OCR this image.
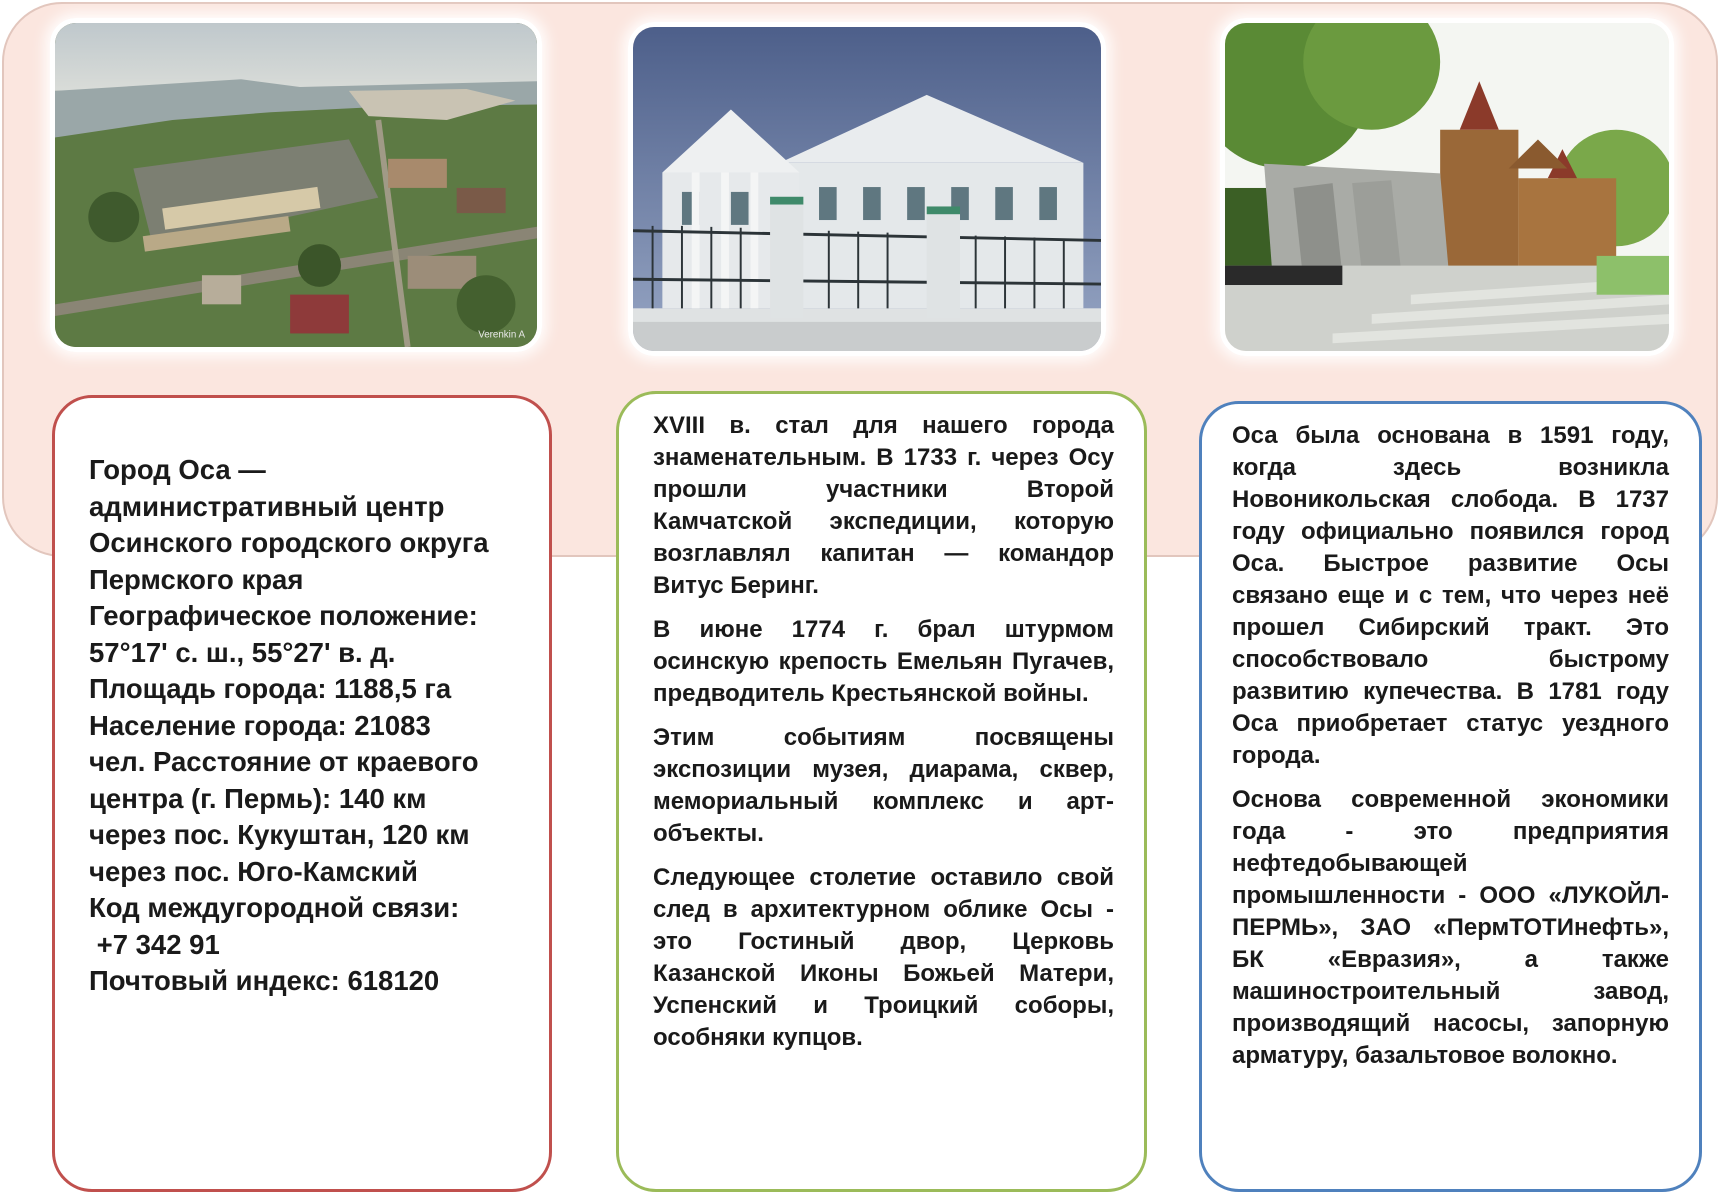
Verenkin A
Город Оса —
административный центр
Осинского городского округа
Пермского края
Географическое положение:
57°17' с. ш., 55°27' в. д.
Площадь города: 1188,5 га
Население города: 21083
чел. Расстояние от краевого
центра (г. Пермь): 140 км
через пос. Кукуштан, 120 км
через пос. Юго-Камский
Код междугородной связи:
+7 342 91
Почтовый индекс: 618120

XVIII в. стал для нашего города знаменательным. В 1733 г. через Осу прошли участники Второй Камчатской экспедиции, которую возглавлял капитан — командор Витус Беринг.

В июне 1774 г. брал штурмом осинскую крепость Емельян Пугачев, предводитель Крестьянской войны.

Этим событиям посвящены экспозиции музея, диарама, сквер, мемориальный комплекс и арт-объекты.

Следующее столетие оставило свой след в архитектурном облике Осы - это Гостиный двор, Церковь Казанской Иконы Божьей Матери, Успенский и Троицкий соборы, особняки купцов.

Оса была основана в 1591 году, когда здесь возникла Новоникольская слобода. В 1737 году официально появился город Оса. Быстрое развитие Осы связано еще и с тем, что через неё прошел Сибирский тракт. Это способствовало быстрому развитию купечества. В 1781 году Оса приобретает статус уездного города.

Основа современной экономики гoда - это предприятия нефтедобывающей промышленности - ООО «ЛУКОЙЛ-ПЕРМЬ», ЗАО «ПермТОТИнефть», БК «Евразия», а также машиностроительный завод, производящий насосы, запорную арматуру, базальтовое волокно.
